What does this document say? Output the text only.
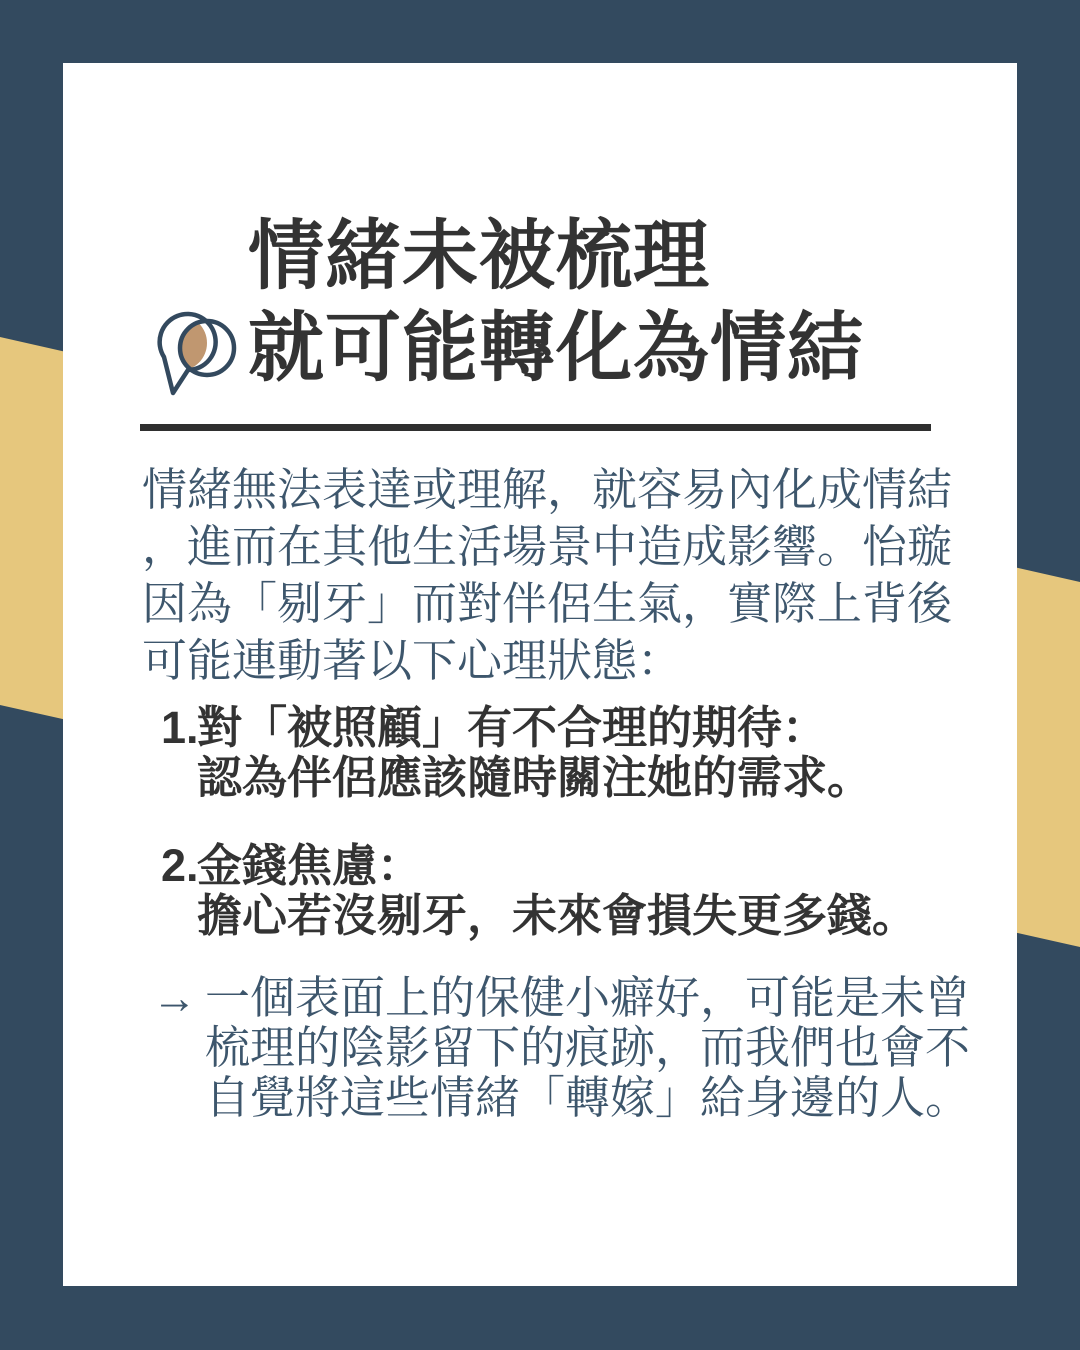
情緒未被梳理
就可能轉化為情結
情緒無法表達或理解，就容易內化成情結
，進而在其他生活場景中造成影響。怡璇
因為「剔牙」而對伴侶生氣，實際上背後
可能連動著以下心理狀態：
1.
對「被照顧」有不合理的期待：
認為伴侶應該隨時關注她的需求。
2.
金錢焦慮：
擔心若沒剔牙，未來會損失更多錢。
→ 一個表面上的保健小癖好，可能是未曾
梳理的陰影留下的痕跡，而我們也會不
自覺將這些情緒「轉嫁」給身邊的人。
